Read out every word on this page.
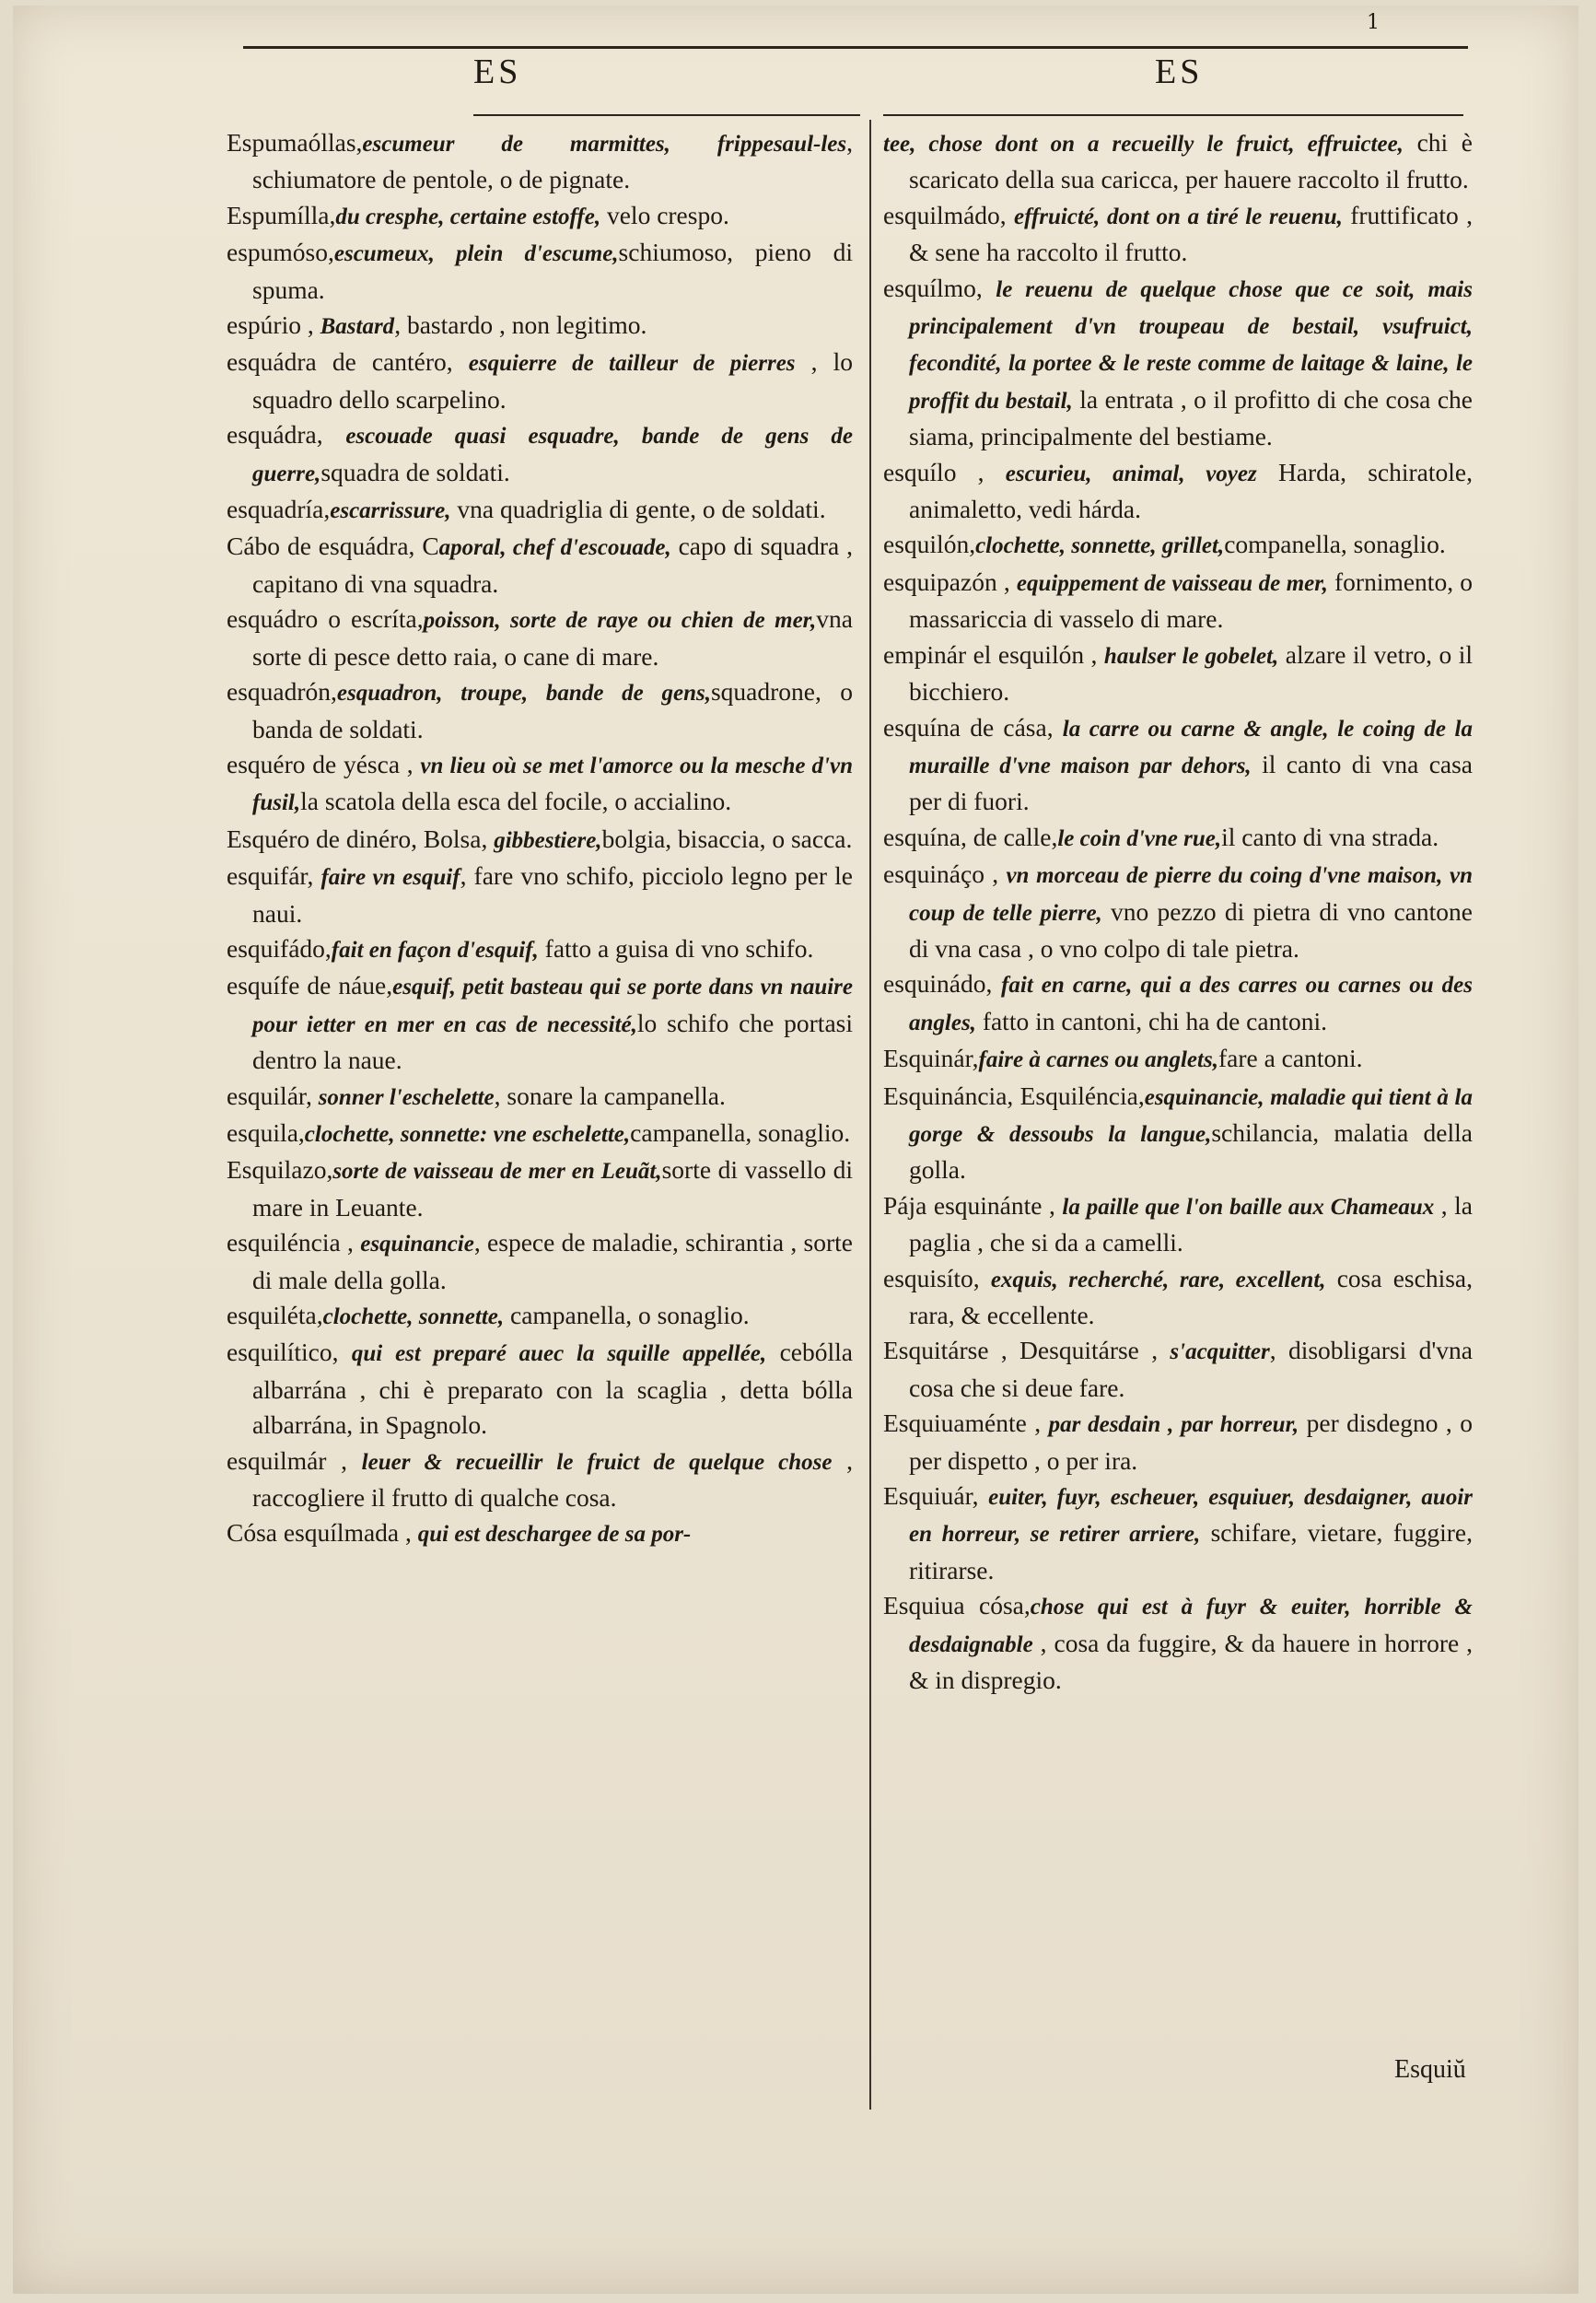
1
ES	ES

Espumaóllas,escumeur de marmittes, frippesaul-les, schiumatore de pentole, o de pignate.

Espumílla,du cresphe, certaine estoffe, velo crespo.

espumóso,escumeux, plein d'escume,schiumoso, pieno di spuma.

espúrio , Bastard, bastardo , non legitimo.

esquádra de cantéro, esquierre de tailleur de pierres , lo squadro dello scarpelino.

esquádra, escouade quasi esquadre, bande de gens de guerre,squadra de soldati.

esquadría,escarrissure, vna quadriglia di gente, o de soldati.

Cábo de esquádra, Caporal, chef d'escouade, capo di squadra , capitano di vna squadra.

esquádro o escríta,poisson, sorte de raye ou chien de mer,vna sorte di pesce detto raia, o cane di mare.

esquadrón,esquadron, troupe, bande de gens,squadrone, o banda de soldati.

esquéro de yésca , vn lieu où se met l'amorce ou la mesche d'vn fusil,la scatola della esca del focile, o accialino.

Esquéro de dinéro, Bolsa, gibbestiere,bolgia, bisaccia, o sacca.

esquifár, faire vn esquif, fare vno schifo, picciolo legno per le naui.

esquifádo,fait en façon d'esquif, fatto a guisa di vno schifo.

esquífe de náue,esquif, petit basteau qui se porte dans vn nauire pour ietter en mer en cas de necessité,lo schifo che portasi dentro la naue.

esquilár, sonner l'eschelette, sonare la campanella.

esquila,clochette, sonnette: vne eschelette,campanella, sonaglio.

Esquilazo,sorte de vaisseau de mer en Leuãt,sorte di vassello di mare in Leuante.

esquiléncia , esquinancie, espece de maladie, schirantia , sorte di male della golla.

esquiléta,clochette, sonnette, campanella, o sonaglio.

esquilítico, qui est preparé auec la squille appellée, cebólla albarrána , chi è preparato con la scaglia , detta bólla albarrána, in Spagnolo.

esquilmár , leuer & recueillir le fruict de quelque chose , raccogliere il frutto di qualche cosa.

Cósa esquílmada , qui est deschargee de sa por-

tee, chose dont on a recueilly le fruict, effruictee, chi è scaricato della sua caricca, per hauere raccolto il frutto.

esquilmádo, effruicté, dont on a tiré le reuenu, fruttificato , & sene ha raccolto il frutto.

esquílmo, le reuenu de quelque chose que ce soit, mais principalement d'vn troupeau de bestail, vsufruict, fecondité, la portee & le reste comme de laitage & laine, le proffit du bestail, la entrata , o il profitto di che cosa che siama, principalmente del bestiame.

esquílo , escurieu, animal, voyez Harda, schiratole, animaletto, vedi hárda.

esquilón,clochette, sonnette, grillet,companella, sonaglio.

esquipazón , equippement de vaisseau de mer, fornimento, o massariccia di vasselo di mare.

empinár el esquilón , haulser le gobelet, alzare il vetro, o il bicchiero.

esquína de cása, la carre ou carne & angle, le coing de la muraille d'vne maison par dehors, il canto di vna casa per di fuori.

esquína, de calle,le coin d'vne rue,il canto di vna strada.

esquináço , vn morceau de pierre du coing d'vne maison, vn coup de telle pierre, vno pezzo di pietra di vno cantone di vna casa , o vno colpo di tale pietra.

esquinádo, fait en carne, qui a des carres ou carnes ou des angles, fatto in cantoni, chi ha de cantoni.

Esquinár,faire à carnes ou anglets,fare a cantoni.

Esquináncia, Esquiléncia,esquinancie, maladie qui tient à la gorge & dessoubs la langue,schilancia, malatia della golla.

Pája esquinánte , la paille que l'on baille aux Chameaux , la paglia , che si da a camelli.

esquisíto, exquis, recherché, rare, excellent, cosa eschisa, rara, & eccellente.

Esquitárse , Desquitárse , s'acquitter, disobligarsi d'vna cosa che si deue fare.

Esquiuaménte , par desdain , par horreur, per disdegno , o per dispetto , o per ira.

Esquiuár, euiter, fuyr, escheuer, esquiuer, desdaigner, auoir en horreur, se retirer arriere, schifare, vietare, fuggire, ritirarse.

Esquiua cósa,chose qui est à fuyr & euiter, horrible & desdaignable , cosa da fuggire, & da hauere in horrore , & in dispregio.

Esquiŭ
